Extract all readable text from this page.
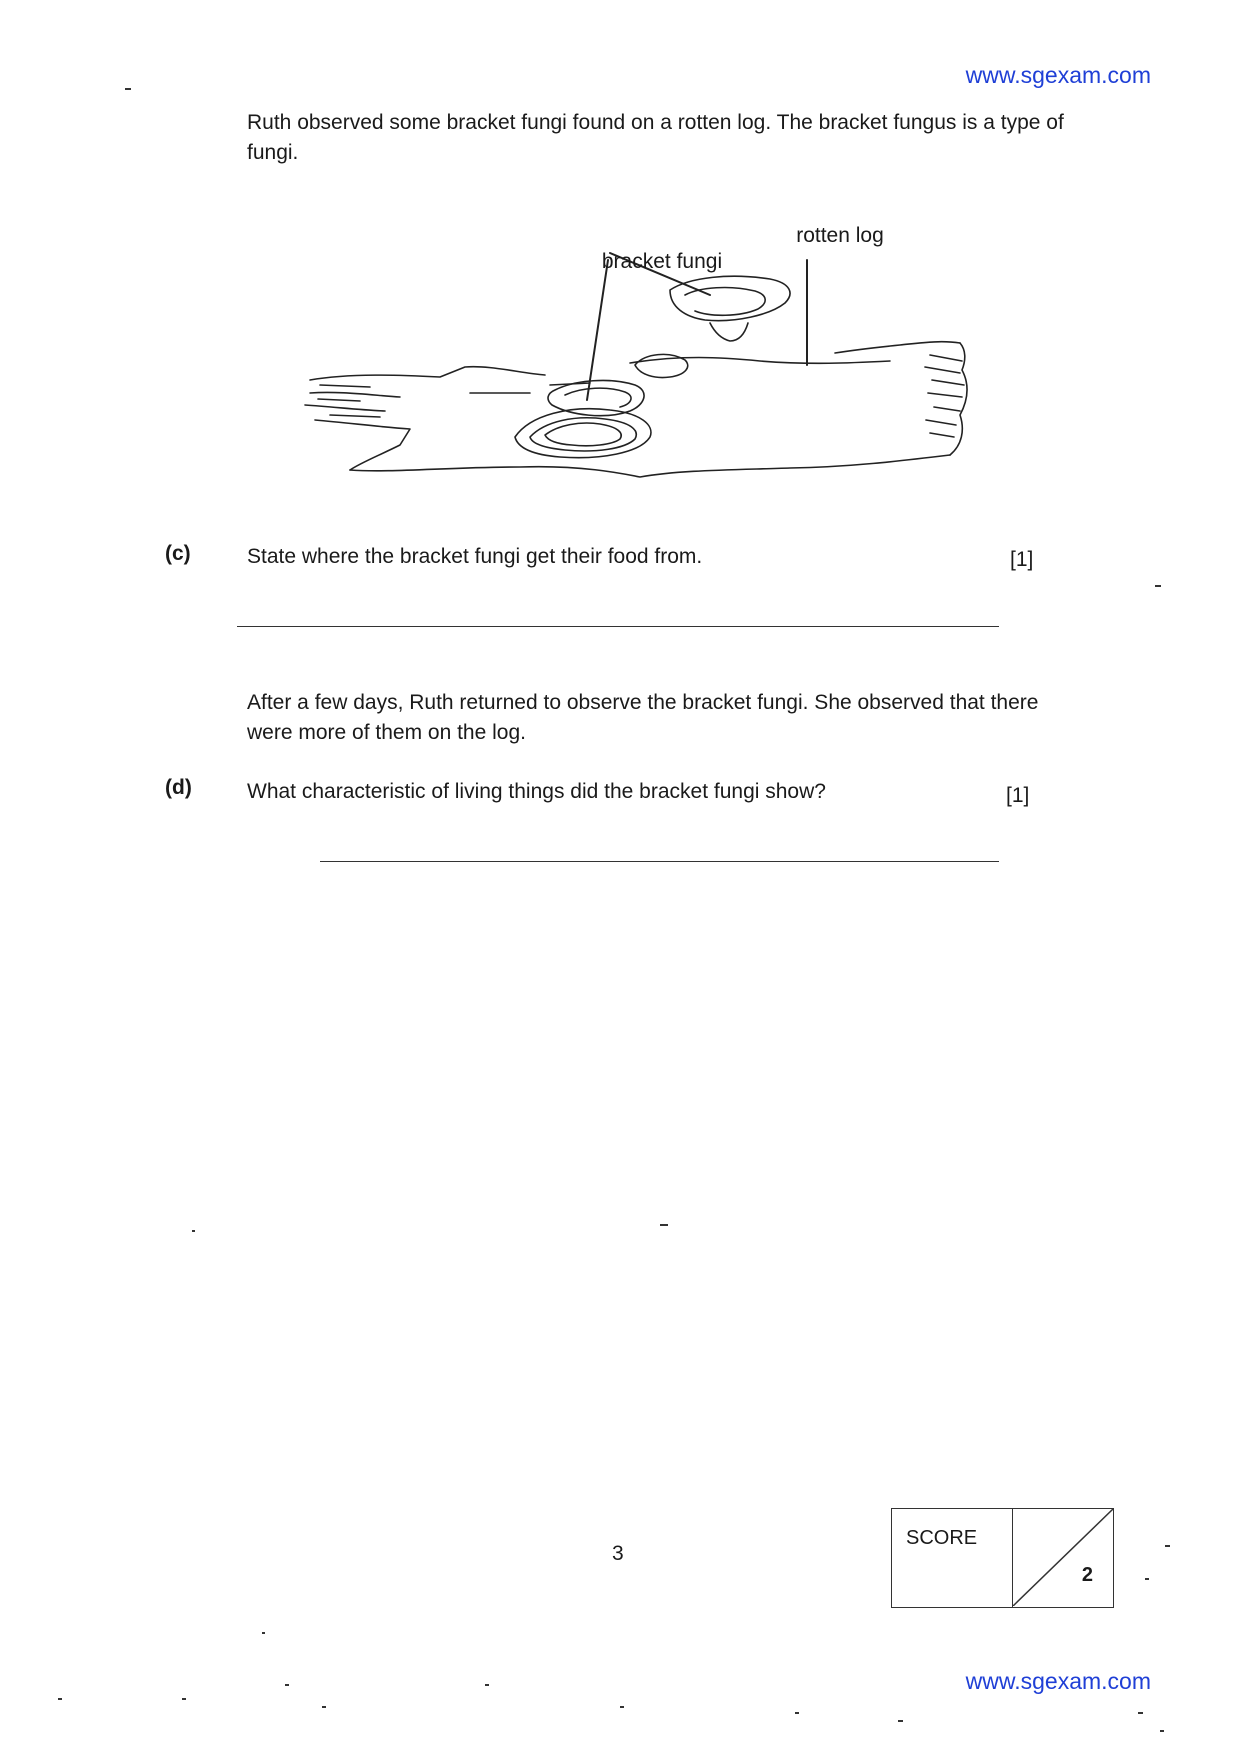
www.sgexam.com
Ruth observed some bracket fungi found on a rotten log. The bracket fungus is a type of fungi.
rotten log
bracket fungi
(c)	State where the bracket fungi get their food from.	[1]
After a few days, Ruth returned to observe the bracket fungi. She observed that there were more of them on the log.
(d)	What characteristic of living things did the bracket fungi show?	[1]
3
SCORE
2
www.sgexam.com
